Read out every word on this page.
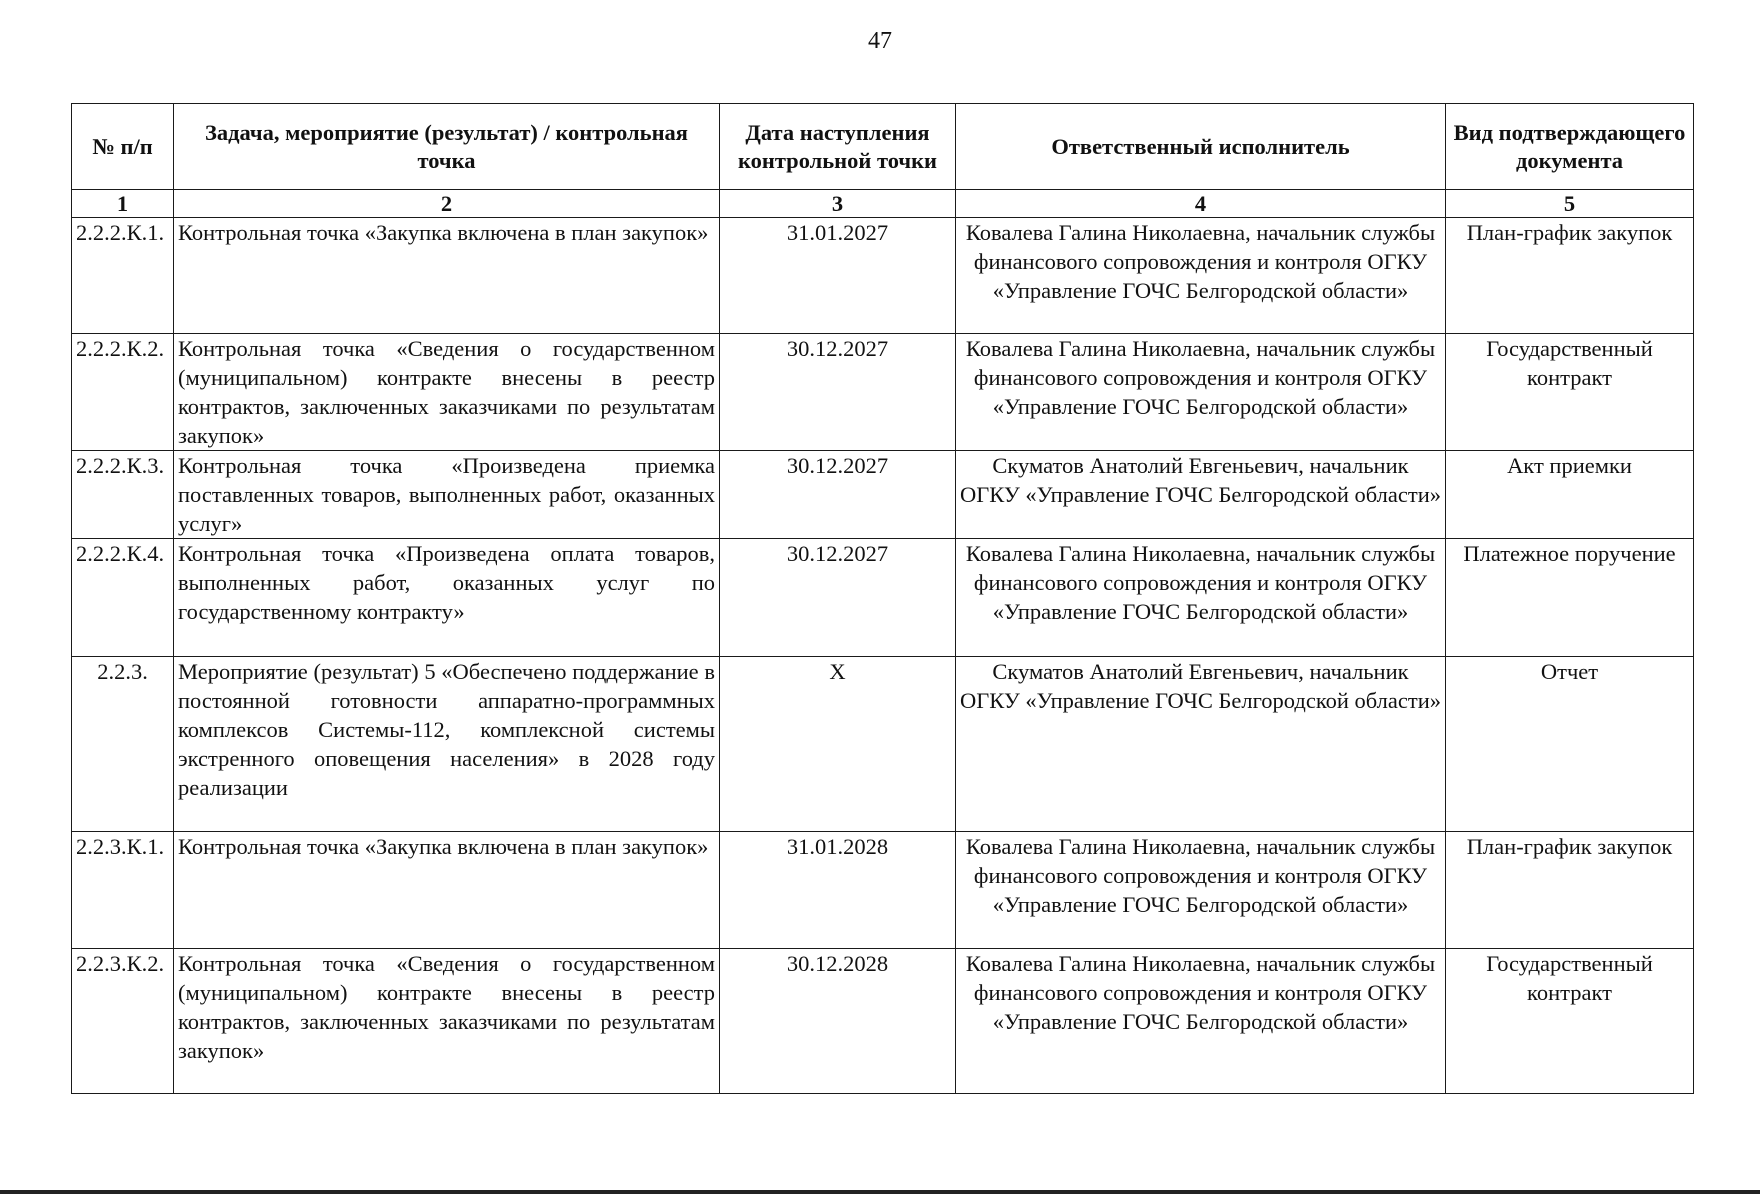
47
№ п/п	Задача, мероприятие (результат) / контрольная точка	Дата наступления контрольной точки	Ответственный исполнитель	Вид подтверждающего документа
1	2	3	4	5
2.2.2.К.1.	Контрольная точка «Закупка включена в план закупок»	31.01.2027	Ковалева Галина Николаевна, начальник службы финансового сопровождения и контроля ОГКУ «Управление ГОЧС Белгородской области»	План-график закупок
2.2.2.К.2.	Контрольная точка «Сведения о государственном (муниципальном) контракте внесены в реестр контрактов, заключенных заказчиками по результатам закупок»	30.12.2027	Ковалева Галина Николаевна, начальник службы финансового сопровождения и контроля ОГКУ «Управление ГОЧС Белгородской области»	Государственный контракт
2.2.2.К.3.	Контрольная точка «Произведена приемка поставленных товаров, выполненных работ, оказанных услуг»	30.12.2027	Скуматов Анатолий Евгеньевич, начальник ОГКУ «Управление ГОЧС Белгородской области»	Акт приемки
2.2.2.К.4.	Контрольная точка «Произведена оплата товаров, выполненных работ, оказанных услуг по государственному контракту»	30.12.2027	Ковалева Галина Николаевна, начальник службы финансового сопровождения и контроля ОГКУ «Управление ГОЧС Белгородской области»	Платежное поручение
2.2.3.	Мероприятие (результат) 5 «Обеспечено поддержание в постоянной готовности аппаратно-программных комплексов Системы-112, комплексной системы экстренного оповещения населения» в 2028 году реализации	Х	Скуматов Анатолий Евгеньевич, начальник ОГКУ «Управление ГОЧС Белгородской области»	Отчет
2.2.3.К.1.	Контрольная точка «Закупка включена в план закупок»	31.01.2028	Ковалева Галина Николаевна, начальник службы финансового сопровождения и контроля ОГКУ «Управление ГОЧС Белгородской области»	План-график закупок
2.2.3.К.2.	Контрольная точка «Сведения о государственном (муниципальном) контракте внесены в реестр контрактов, заключенных заказчиками по результатам закупок»	30.12.2028	Ковалева Галина Николаевна, начальник службы финансового сопровождения и контроля ОГКУ «Управление ГОЧС Белгородской области»	Государственный контракт
